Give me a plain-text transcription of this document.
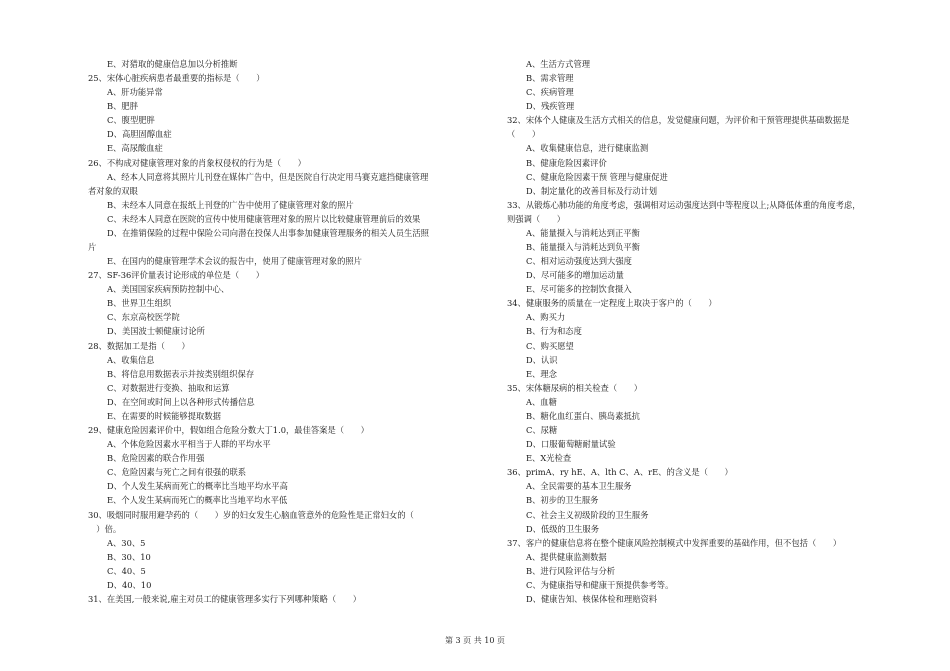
E、对猎取的健康信息加以分析推断
25、宋体心脏疾病患者最重要的指标是（　　）
A、肝功能异常
B、肥胖
C、腹型肥胖
D、高胆固醇血症
E、高尿酸血症
26、不构成对健康管理对象的肖象权侵权的行为是（　　）
A、经本人同意将其照片儿刊登在媒体广告中，但是医院自行决定用马赛克遮挡健康管理
者对象的双眼
B、未经本人同意在报纸上刊登的广告中使用了健康管理对象的照片
C、未经本人同意在医院的宣传中使用健康管理对象的照片以比较健康管理前后的效果
D、在推销保险的过程中保险公司向潜在投保人出事参加健康管理服务的相关人员生活照
片
E、在国内的健康管理学术会议的报告中，使用了健康管理对象的照片
27、SF-36评价量表讨论形成的单位是（　　）
A、美国国家疾病预防控制中心、
B、世界卫生组织
C、东京高校医学院
D、美国波士顿健康讨论所
28、数据加工是指（　　）
A、收集信息
B、将信息用数据表示并按类别组织保存
C、对数据进行变换、抽取和运算
D、在空间或时间上以各种形式传播信息
E、在需要的时候能够提取数据
29、健康危险因素评价中，假如组合危险分数大丁1.0，最佳答案是（　　）
A、个体危险因素水平相当于人群的平均水平
B、危险因素的联合作用强
C、危险因素与死亡之间有很强的联系
D、个人发生某病而死亡的概率比当地平均水平高
E、个人发生某病而死亡的概率比当地平均水平低
30、吸烟同时服用避孕药的（　　）岁的妇女发生心脑血管意外的危险性是正常妇女的（
　）倍。
A、30、5
B、30、10
C、40、5
D、40、10
31、在美国,一般来说,雇主对员工的健康管理多实行下列哪种策略（　　）
A、生活方式管理
B、需求管理
C、疾病管理
D、残疾管理
32、宋体个人健康及生活方式相关的信息，发觉健康问题，为评价和干预管理提供基础数据是
（　　）
A、收集健康信息，进行健康监测
B、健康危险因素评价
C、健康危险因素干预 管理与健康促进
D、制定量化的改善目标及行动计划
33、从锻炼心肺功能的角度考虑，强调相对运动强度达到中等程度以上;从降低体重的角度考虑，
则强调（　　）
A、能量摄入与消耗达到正平衡
B、能量摄入与消耗达到负平衡
C、相对运动强度达到大强度
D、尽可能多的增加运动量
E、尽可能多的控制饮食摄入
34、健康服务的质量在一定程度上取决于客户的（　　）
A、购买力
B、行为和态度
C、购买愿望
D、认识
E、理念
35、宋体糖尿病的相关检查（　　）
A、血糖
B、糖化血红蛋白、胰岛素抵抗
C、尿糖
D、口服葡萄糖耐量试验
E、X光检查
36、primA、ry hE、A、lth C、A、rE、的含义是（　　）
A、全民需要的基本卫生服务
B、初步的卫生服务
C、社会主义初级阶段的卫生服务
D、低级的卫生服务
37、客户的健康信息将在整个健康风险控制模式中发挥重要的基础作用，但不包括（　　）
A、提供健康监测数据
B、进行风险评估与分析
C、为健康指导和健康干预提供参考等。
D、健康告知、核保体检和理赔资料
第 3 页 共 10 页
